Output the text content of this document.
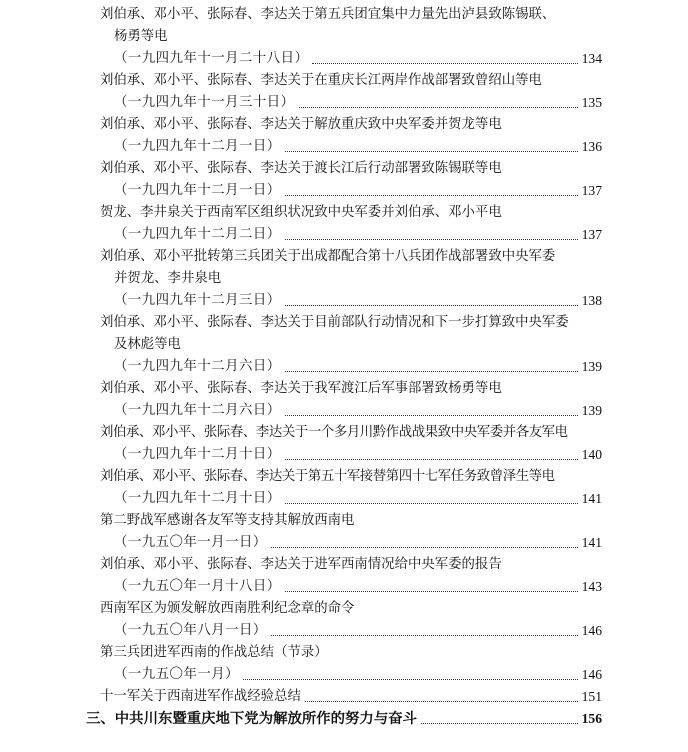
刘伯承、邓小平、张际春、李达关于第五兵团宜集中力量先出泸县致陈锡联、
杨勇等电
（一九四九年十一月二十八日）	134
刘伯承、邓小平、张际春、李达关于在重庆长江两岸作战部署致曾绍山等电
（一九四九年十一月三十日）	135
刘伯承、邓小平、张际春、李达关于解放重庆致中央军委并贺龙等电
（一九四九年十二月一日）	136
刘伯承、邓小平、张际春、李达关于渡长江后行动部署致陈锡联等电
（一九四九年十二月一日）	137
贺龙、李井泉关于西南军区组织状况致中央军委并刘伯承、邓小平电
（一九四九年十二月二日）	137
刘伯承、邓小平批转第三兵团关于出成都配合第十八兵团作战部署致中央军委
并贺龙、李井泉电
（一九四九年十二月三日）	138
刘伯承、邓小平、张际春、李达关于目前部队行动情况和下一步打算致中央军委
及林彪等电
（一九四九年十二月六日）	139
刘伯承、邓小平、张际春、李达关于我军渡江后军事部署致杨勇等电
（一九四九年十二月六日）	139
刘伯承、邓小平、张际春、李达关于一个多月川黔作战战果致中央军委并各友军电
（一九四九年十二月十日）	140
刘伯承、邓小平、张际春、李达关于第五十军接替第四十七军任务致曾泽生等电
（一九四九年十二月十日）	141
第二野战军感谢各友军等支持其解放西南电
（一九五〇年一月一日）	141
刘伯承、邓小平、张际春、李达关于进军西南情况给中央军委的报告
（一九五〇年一月十八日）	143
西南军区为颁发解放西南胜利纪念章的命令
（一九五〇年八月一日）	146
第三兵团进军西南的作战总结（节录）
（一九五〇年一月）	146
十一军关于西南进军作战经验总结	151
三、中共川东暨重庆地下党为解放所作的努力与奋斗	156
